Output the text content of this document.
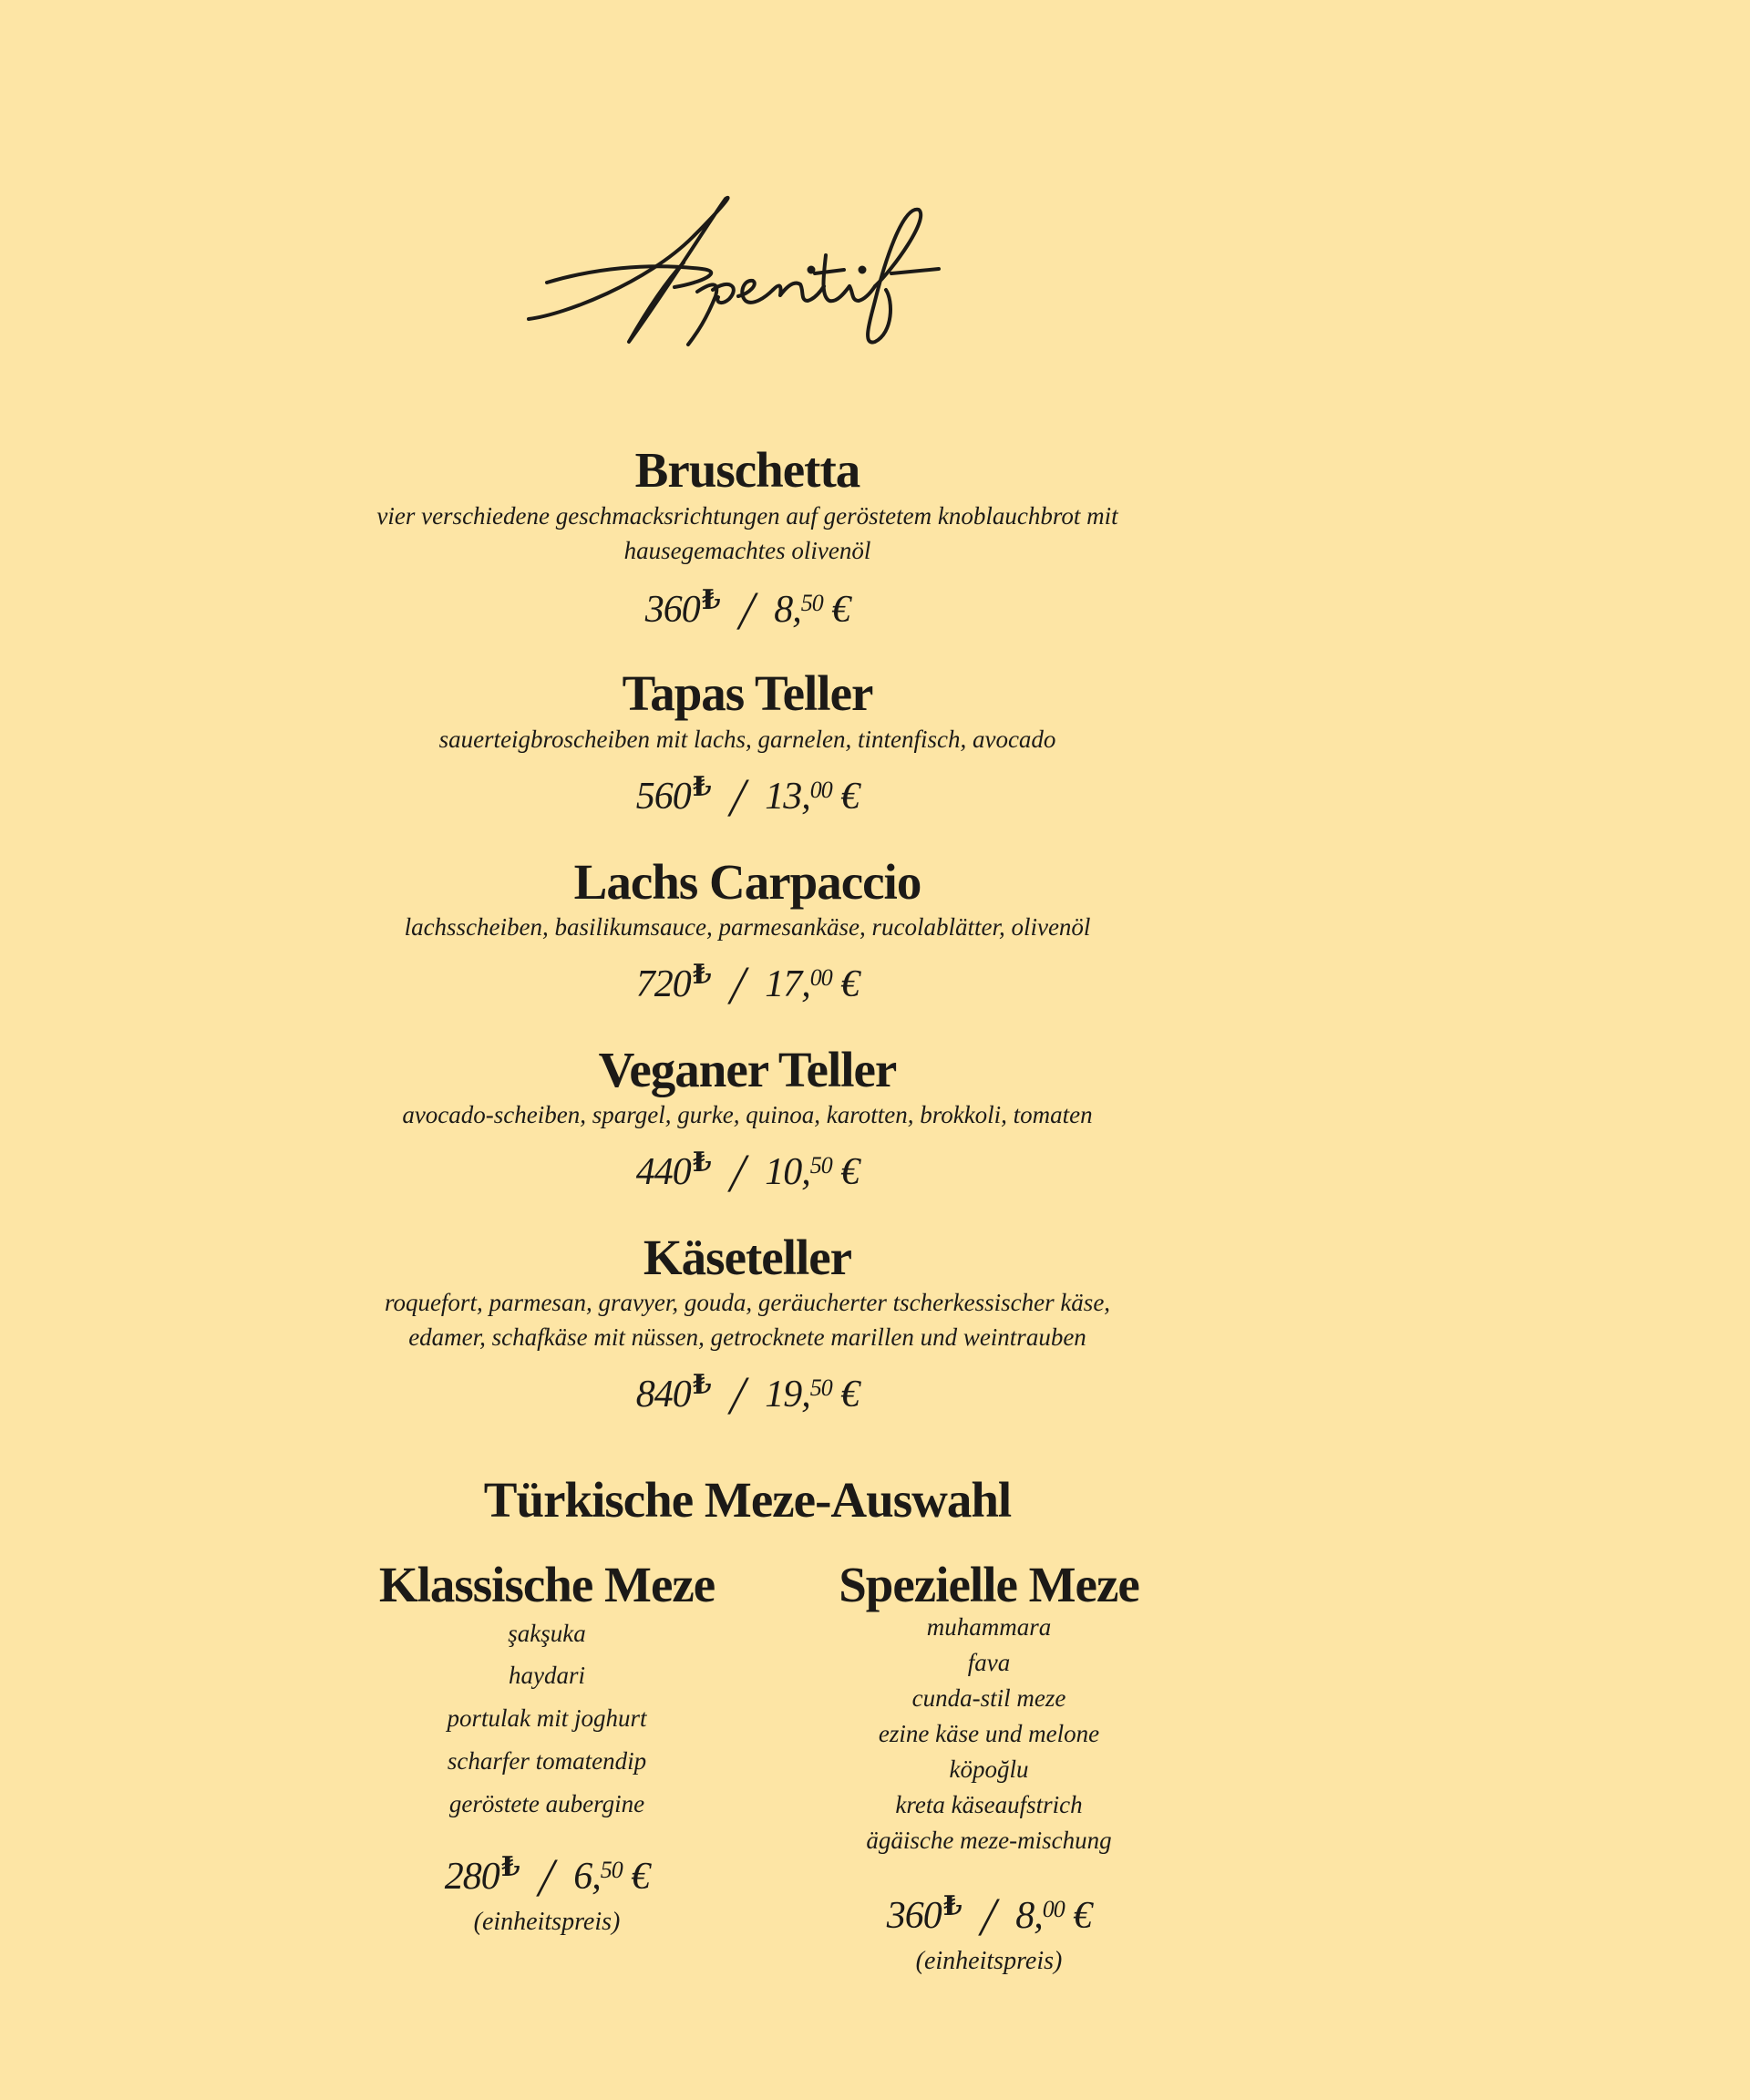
Bruschetta
vier verschiedene geschmacksrichtungen auf geröstetem knoblauchbrot mit
hausegemachtes olivenöl
360₺ / 8,50 €
Tapas Teller
sauerteigbroscheiben mit lachs, garnelen, tintenfisch, avocado
560₺ / 13,00 €
Lachs Carpaccio
lachsscheiben, basilikumsauce, parmesankäse, rucolablätter, olivenöl
720₺ / 17,00 €
Veganer Teller
avocado-scheiben, spargel, gurke, quinoa, karotten, brokkoli, tomaten
440₺ / 10,50 €
Käseteller
roquefort, parmesan, gravyer, gouda, geräucherter tscherkessischer käse,
edamer, schafkäse mit nüssen, getrocknete marillen und weintrauben
840₺ / 19,50 €
Türkische Meze-Auswahl
Klassische Meze
şakşuka
haydari
portulak mit joghurt
scharfer tomatendip
geröstete aubergine
280₺ / 6,50 €
(einheitspreis)
Spezielle Meze
muhammara
fava
cunda-stil meze
ezine käse und melone
köpoğlu
kreta käseaufstrich
ägäische meze-mischung
360₺ / 8,00 €
(einheitspreis)
